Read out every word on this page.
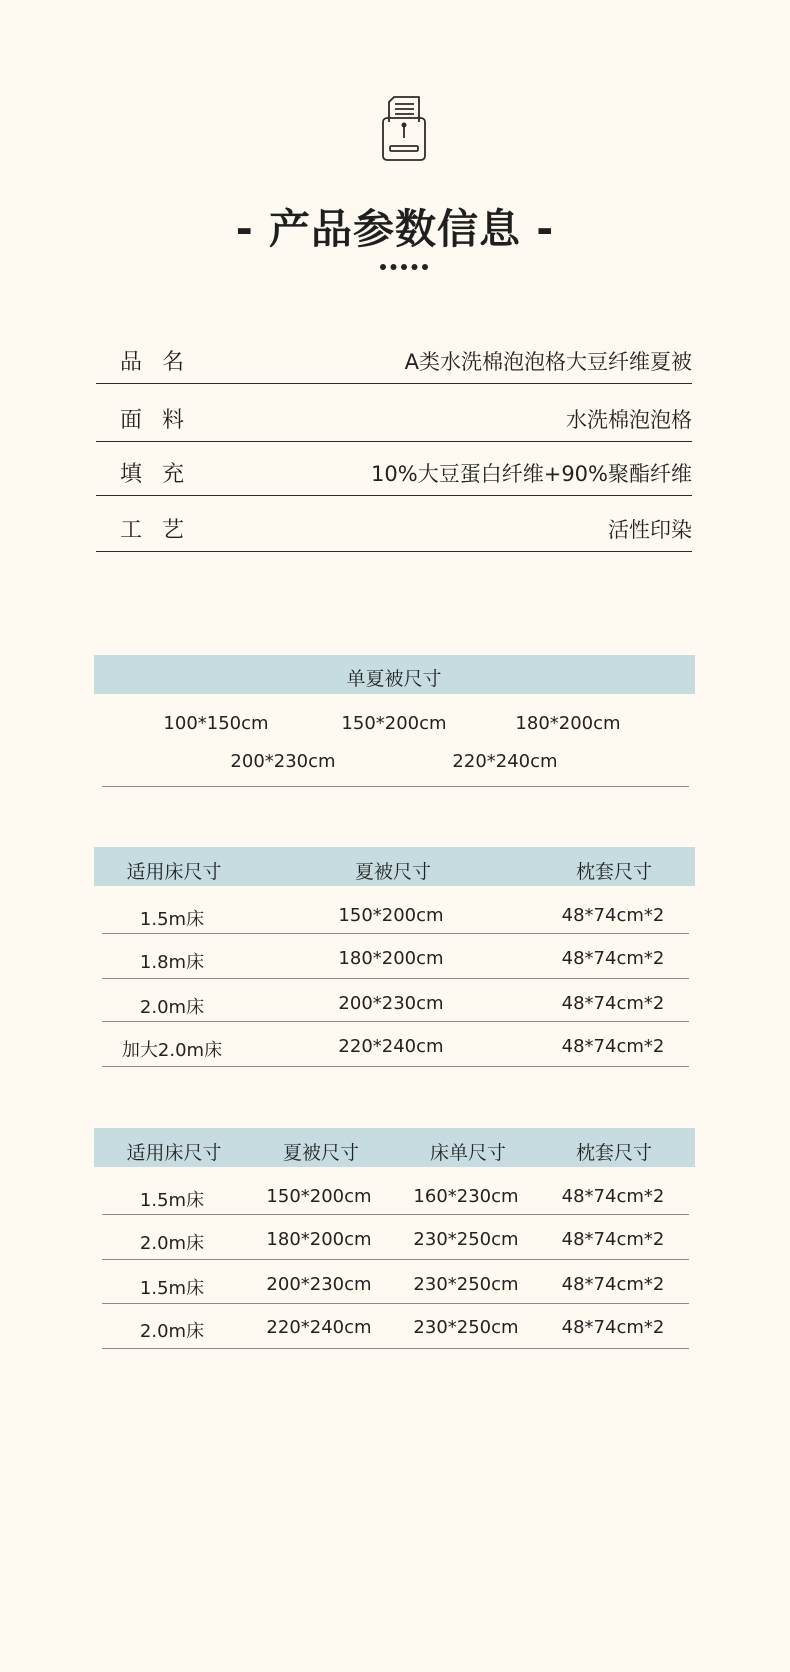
- 产品参数信息 -
品名	A类水洗棉泡泡格大豆纤维夏被
面料	水洗棉泡泡格
填充	10%大豆蛋白纤维+90%聚酯纤维
工艺	活性印染
单夏被尺寸
100*150cm	150*200cm	180*200cm
200*230cm	220*240cm
适用床尺寸	夏被尺寸	枕套尺寸
1.5m床	150*200cm	48*74cm*2
1.8m床	180*200cm	48*74cm*2
2.0m床	200*230cm	48*74cm*2
加大2.0m床	220*240cm	48*74cm*2
适用床尺寸	夏被尺寸	床单尺寸	枕套尺寸
1.5m床	150*200cm 160*230cm 48*74cm*2
2.0m床	180*200cm 230*250cm 48*74cm*2
1.5m床	200*230cm 230*250cm 48*74cm*2
2.0m床	220*240cm 230*250cm 48*74cm*2
